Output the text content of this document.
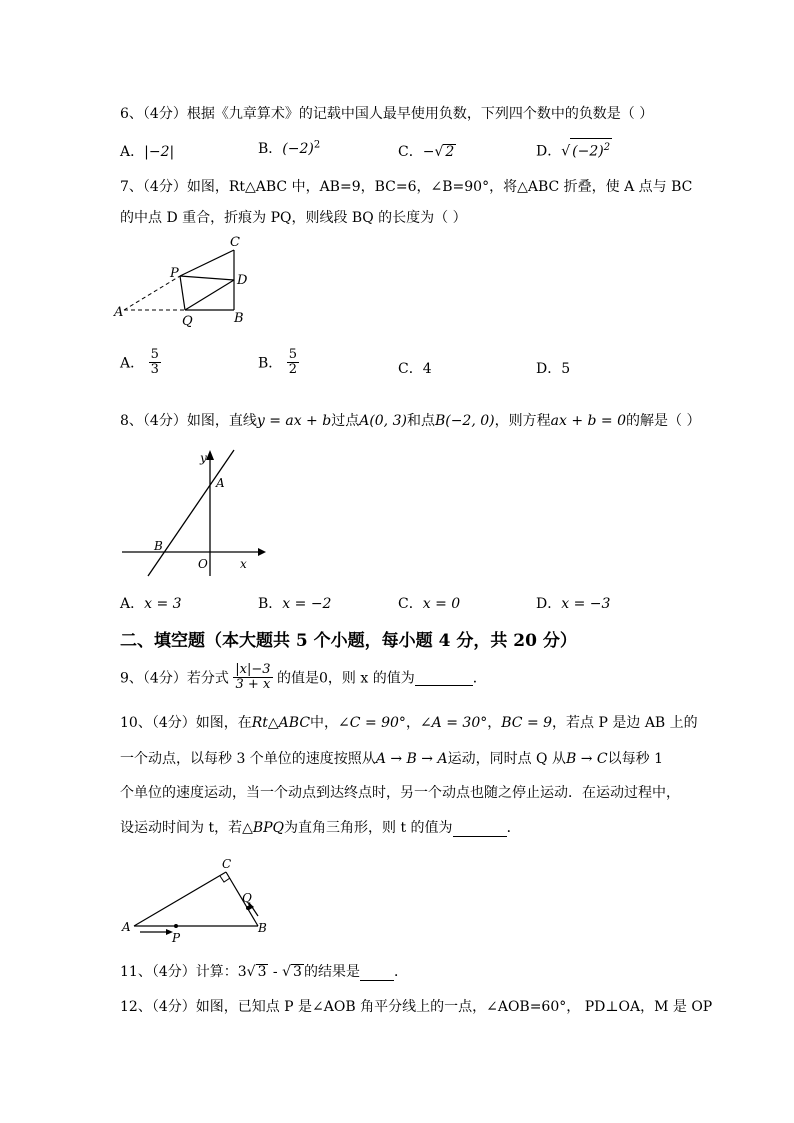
6、（4分）根据《九章算术》的记载中国人最早使用负数，下列四个数中的负数是（ ）
A．|−2|	B．$(-2)^2$	C．−√ 2	D．√ $(-2)^2$
7、（4分）如图，Rt△ABC 中，AB=9，BC=6，∠B=90°，将△ABC 折叠，使 A 点与 BC
的中点 D 重合，折痕为 PQ，则线段 BQ 的长度为（ ）
C
P	D
A
Q	B
A． $\frac{5}{3}$	B． $\frac{5}{2}$	C．4	D．5
8、（4分）如图，直线y = ax + b过点A(0, 3)和点B(−2, 0)，则方程ax + b = 0的解是（ ）
y
A
B
O	x
A．x = 3	B．x = −2	C．x = 0	D．x = −3
二、填空题（本大题共 5 个小题，每小题 4 分，共 20 分）
9、（4分）若分式 $\frac{|x|-3}{3 + x}$ 的值是0，则 x 的值为	．
10、（4分）如图，在Rt△ABC中，∠C = 90°，∠A = 30°，BC = 9，若点 P 是边 AB 上的
一个动点，以每秒 3 个单位的速度按照从A → B → A运动，同时点 Q 从B → C以每秒 1
个单位的速度运动，当一个动点到达终点时，另一个动点也随之停止运动．在运动过程中，
设运动时间为 t，若△BPQ为直角三角形，则 t 的值为	．
C
Q
A
P
B
11、（4分）计算：3√ 3 - √ 3 的结果是 ．
12、（4分）如图，已知点 P 是∠AOB 角平分线上的一点，∠AOB=60°， PD⊥OA，M 是 OP
